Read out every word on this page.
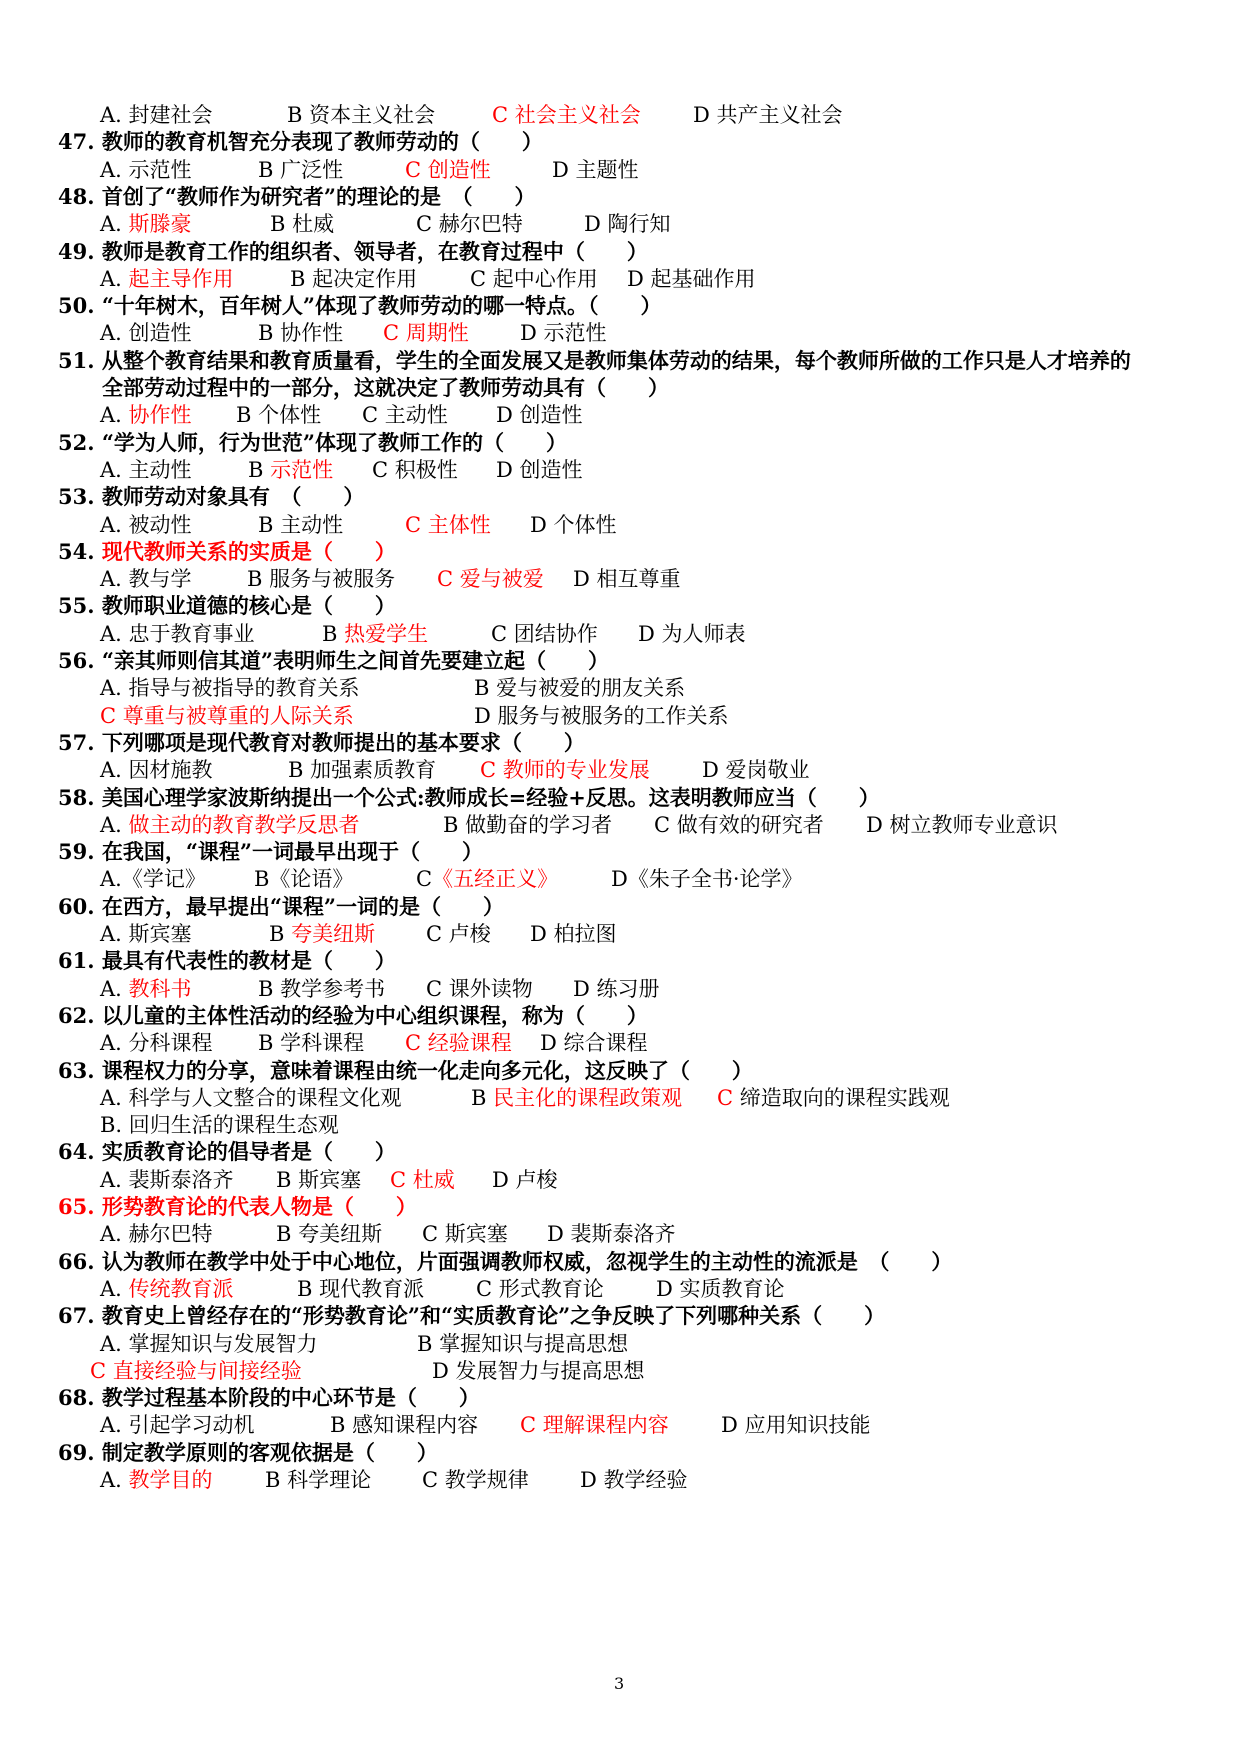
A. 封建社会	B 资本主义社会	C 社会主义社会 D 共产主义社会
47. 教师的教育机智充分表现了教师劳动的（　　）
A. 示范性	B 广泛性	C 创造性	D 主题性
48. 首创了“教师作为研究者”的理论的是　（　　）
A. 斯滕豪	B 杜威	C 赫尔巴特	D 陶行知
49. 教师是教育工作的组织者、领导者，在教育过程中（　　）
A. 起主导作用	B 起决定作用	C 起中心作用 D 起基础作用
50. “十年树木，百年树人”体现了教师劳动的哪一特点。（　　）
A. 创造性	B 协作性 C 周期性 D 示范性
51. 从整个教育结果和教育质量看，学生的全面发展又是教师集体劳动的结果，每个教师所做的工作只是人才培养的
全部劳动过程中的一部分，这就决定了教师劳动具有（　　）
A. 协作性 B 个体性 C 主动性 D 创造性
52. “学为人师，行为世范”体现了教师工作的（　　）
A. 主动性	B 示范性 C 积极性 D 创造性
53. 教师劳动对象具有　（　　）
A. 被动性	B 主动性	C 主体性 D 个体性
54. 现代教师关系的实质是（　　）
A. 教与学	B 服务与被服务 C 爱与被爱 D 相互尊重
55. 教师职业道德的核心是（　　）
A. 忠于教育事业	B 热爱学生	C 团结协作 D 为人师表
56. “亲其师则信其道”表明师生之间首先要建立起（　　）
A. 指导与被指导的教育关系	B 爱与被爱的朋友关系
C 尊重与被尊重的人际关系	D 服务与被服务的工作关系
57. 下列哪项是现代教育对教师提出的基本要求（　　）
A. 因材施教	B 加强素质教育 C 教师的专业发展 D 爱岗敬业
58. 美国心理学家波斯纳提出一个公式:教师成长=经验+反思。这表明教师应当（　　）
A. 做主动的教育教学反思者	B 做勤奋的学习者 C 做有效的研究者 D 树立教师专业意识
59. 在我国，“课程”一词最早出现于（　　）
A.《学记》 B《论语》	C《五经正义》	D《朱子全书·论学》
60. 在西方，最早提出“课程”一词的是（　　）
A. 斯宾塞	B 夸美纽斯 C 卢梭 D 柏拉图
61. 最具有代表性的教材是（　　）
A. 教科书	B 教学参考书 C 课外读物 D 练习册
62. 以儿童的主体性活动的经验为中心组织课程，称为（　　）
A. 分科课程 B 学科课程 C 经验课程 D 综合课程
63. 课程权力的分享，意味着课程由统一化走向多元化，这反映了（　　）
A. 科学与人文整合的课程文化观	B 民主化的课程政策观 C 缔造取向的课程实践观
B. 回归生活的课程生态观
64. 实质教育论的倡导者是（　　）
A. 裴斯泰洛齐 B 斯宾塞 C 杜威 D 卢梭
65. 形势教育论的代表人物是（　　）
A. 赫尔巴特	B 夸美纽斯 C 斯宾塞 D 裴斯泰洛齐
66. 认为教师在教学中处于中心地位，片面强调教师权威，忽视学生的主动性的流派是　（　　）
A. 传统教育派	B 现代教育派 C 形式教育论 D 实质教育论
67. 教育史上曾经存在的“形势教育论”和“实质教育论”之争反映了下列哪种关系（　　）
A. 掌握知识与发展智力	B 掌握知识与提高思想
C 直接经验与间接经验	D 发展智力与提高思想
68. 教学过程基本阶段的中心环节是（　　）
A. 引起学习动机	B 感知课程内容 C 理解课程内容 D 应用知识技能
69. 制定教学原则的客观依据是（　　）
A. 教学目的 B 科学理论 C 教学规律 D 教学经验
3
